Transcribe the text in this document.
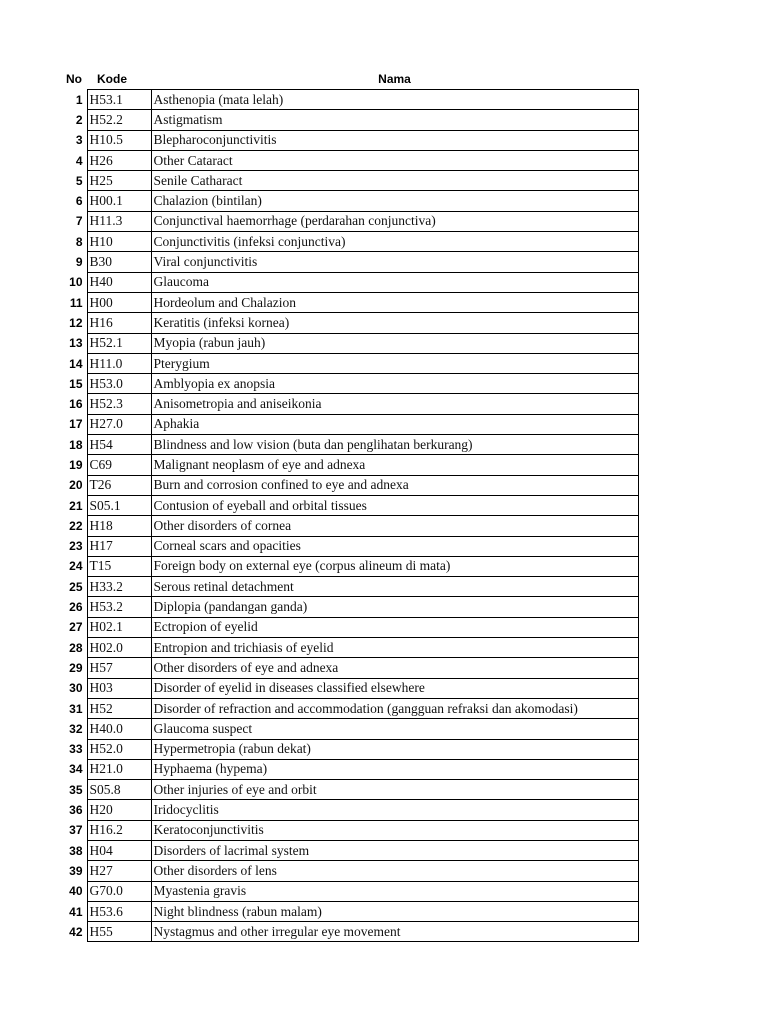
No	Kode	Nama
1	H53.1	Asthenopia (mata lelah)
2	H52.2	Astigmatism
3	H10.5	Blepharoconjunctivitis
4	H26	Other Cataract
5	H25	Senile Catharact
6	H00.1	Chalazion (bintilan)
7	H11.3	Conjunctival haemorrhage (perdarahan conjunctiva)
8	H10	Conjunctivitis (infeksi conjunctiva)
9	B30	Viral conjunctivitis
10	H40	Glaucoma
11	H00	Hordeolum and Chalazion
12	H16	Keratitis (infeksi kornea)
13	H52.1	Myopia (rabun jauh)
14	H11.0	Pterygium
15	H53.0	Amblyopia ex anopsia
16	H52.3	Anisometropia and aniseikonia
17	H27.0	Aphakia
18	H54	Blindness and low vision (buta dan penglihatan berkurang)
19	C69	Malignant neoplasm of eye and adnexa
20	T26	Burn and corrosion confined to eye and adnexa
21	S05.1	Contusion of eyeball and orbital tissues
22	H18	Other disorders of cornea
23	H17	Corneal scars and opacities
24	T15	Foreign body on external eye (corpus alineum di mata)
25	H33.2	Serous retinal detachment
26	H53.2	Diplopia (pandangan ganda)
27	H02.1	Ectropion of eyelid
28	H02.0	Entropion and trichiasis of eyelid
29	H57	Other disorders of eye and adnexa
30	H03	Disorder of eyelid in diseases classified elsewhere
31	H52	Disorder of refraction and accommodation (gangguan refraksi dan akomodasi)
32	H40.0	Glaucoma suspect
33	H52.0	Hypermetropia (rabun dekat)
34	H21.0	Hyphaema (hypema)
35	S05.8	Other injuries of eye and orbit
36	H20	Iridocyclitis
37	H16.2	Keratoconjunctivitis
38	H04	Disorders of lacrimal system
39	H27	Other disorders of lens
40	G70.0	Myastenia gravis
41	H53.6	Night blindness (rabun malam)
42	H55	Nystagmus and other irregular eye movement
